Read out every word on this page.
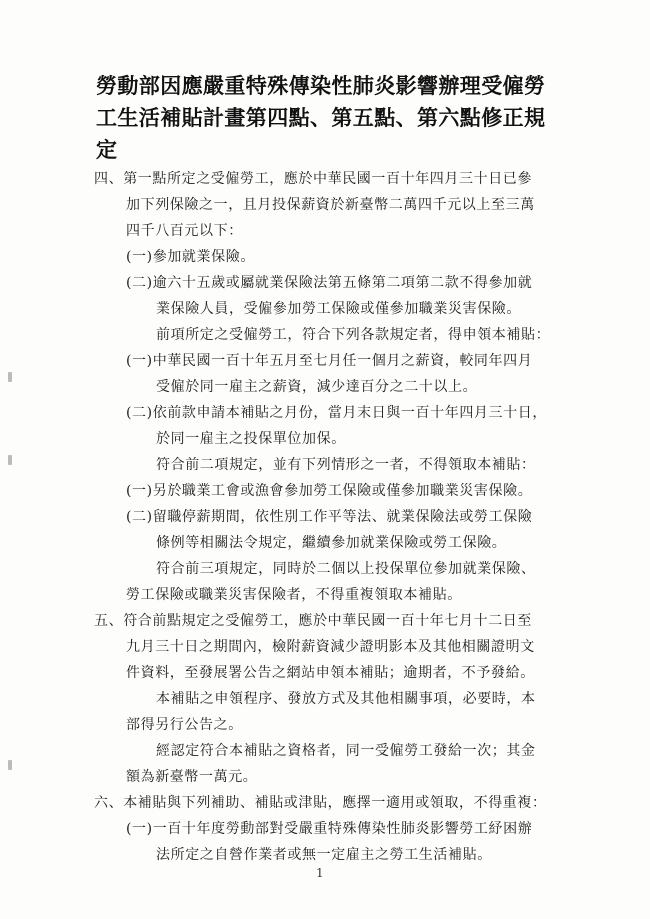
勞動部因應嚴重特殊傳染性肺炎影響辦理受僱勞
工生活補貼計畫第四點、第五點、第六點修正規
定
四、第一點所定之受僱勞工，應於中華民國一百十年四月三十日已參
加下列保險之一，且月投保薪資於新臺幣二萬四千元以上至三萬
四千八百元以下：
(一)參加就業保險。
(二)逾六十五歲或屬就業保險法第五條第二項第二款不得參加就
業保險人員，受僱參加勞工保險或僅參加職業災害保險。
前項所定之受僱勞工，符合下列各款規定者，得申領本補貼：
(一)中華民國一百十年五月至七月任一個月之薪資，較同年四月
受僱於同一雇主之薪資，減少達百分之二十以上。
(二)依前款申請本補貼之月份，當月末日與一百十年四月三十日，
於同一雇主之投保單位加保。
符合前二項規定，並有下列情形之一者，不得領取本補貼：
(一)另於職業工會或漁會參加勞工保險或僅參加職業災害保險。
(二)留職停薪期間，依性別工作平等法、就業保險法或勞工保險
條例等相關法令規定，繼續參加就業保險或勞工保險。
符合前三項規定，同時於二個以上投保單位參加就業保險、
勞工保險或職業災害保險者，不得重複領取本補貼。
五、符合前點規定之受僱勞工，應於中華民國一百十年七月十二日至
九月三十日之期間內，檢附薪資減少證明影本及其他相關證明文
件資料，至發展署公告之網站申領本補貼；逾期者，不予發給。
本補貼之申領程序、發放方式及其他相關事項，必要時，本
部得另行公告之。
經認定符合本補貼之資格者，同一受僱勞工發給一次；其金
額為新臺幣一萬元。
六、本補貼與下列補助、補貼或津貼，應擇一適用或領取，不得重複：
(一)一百十年度勞動部對受嚴重特殊傳染性肺炎影響勞工紓困辦
法所定之自營作業者或無一定雇主之勞工生活補貼。
1
